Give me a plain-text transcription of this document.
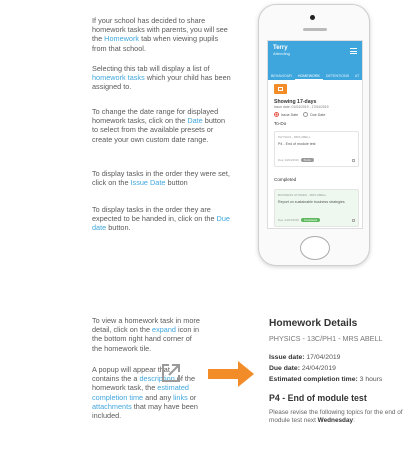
If your school has decided to share homework tasks with parents, you will see the Homework tab when viewing pupils from that school.
Selecting this tab will display a list of homework tasks which your child has been assigned to.
To change the date range for displayed homework tasks, click on the Date button to select from the available presets or create your own custom date range.
To display tasks in the order they were set, click on the Issue Date button
To display tasks in the order they are expected to be handed in, click on the Due date button.
Terry
Attending
BEHAVIOUR	HOMEWORK	DETENTIONS	AT
Showing 17-days
Issue date: 01/04/2019 - 17/04/2019
Issue Date	Due Date
To-Do
PHYSICS - MRS ABELL
P4 - End of module test
Due: 24/04/2019 To do
Completed
BUSINESS STUDIES - MRS ABELL
Report on sustainable business strategies
Due: 24/04/2019 Completed
To view a homework task in more detail, click on the expand icon in the bottom right hand corner of the homework tile.
A popup will appear that contains the a description of the homework task, the estimated completion time and any links or attachments that may have been included.
Homework Details
PHYSICS - 13C/PH1 - MRS ABELL
Issue date: 17/04/2019
Due date: 24/04/2019
Estimated completion time: 3 hours
P4 - End of module test
Please revise the following topics for the end of module test next Wednesday:
